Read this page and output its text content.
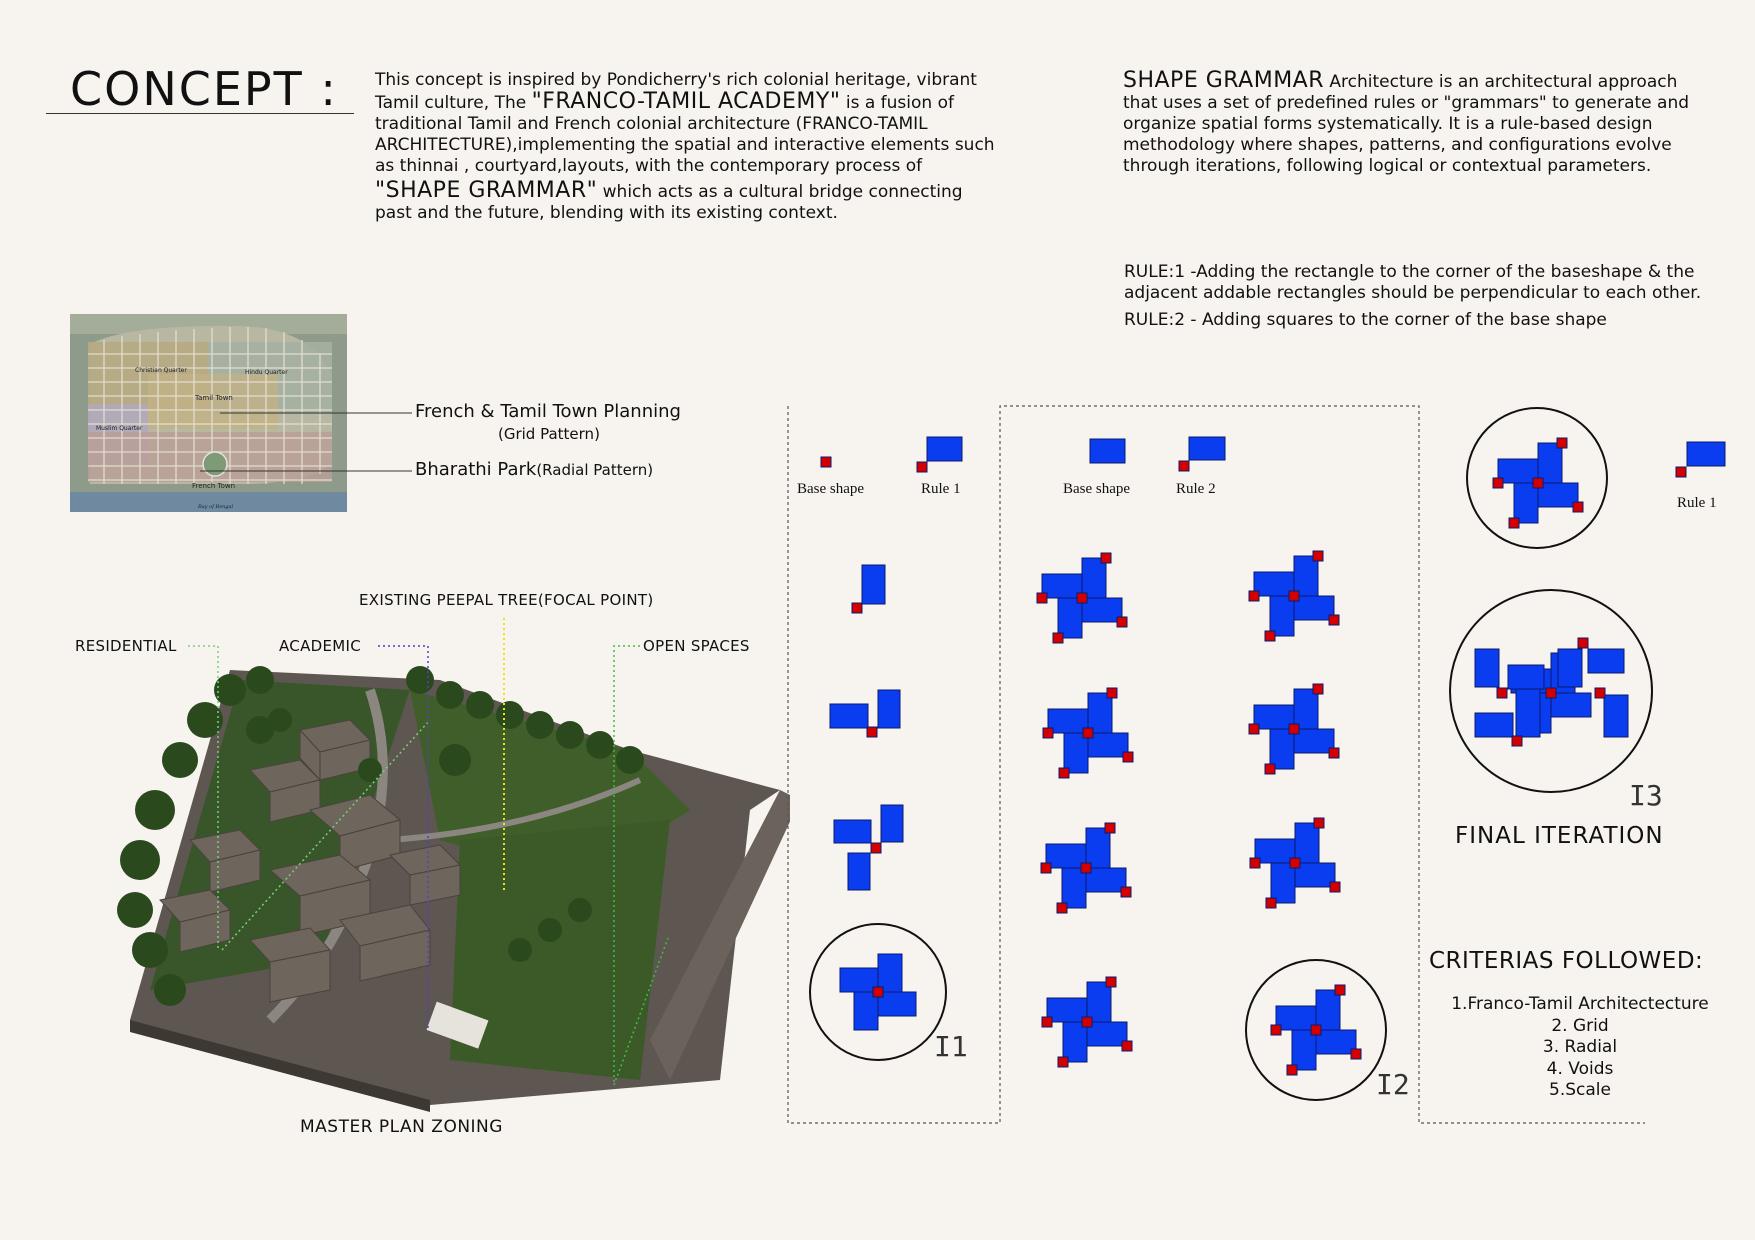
CONCEPT : This concept is inspired by Pondicherry's rich colonial heritage, vibrant
Tamil culture, The "FRANCO-TAMIL ACADEMY" is a fusion of
traditional Tamil and French colonial architecture (FRANCO-TAMIL
ARCHITECTURE),implementing the spatial and interactive elements such
as thinnai , courtyard,layouts, with the contemporary process of
"SHAPE GRAMMAR" which acts as a cultural bridge connecting
past and the future, blending with its existing context.
SHAPE GRAMMAR Architecture is an architectural approach
that uses a set of predefined rules or "grammars" to generate and
organize spatial forms systematically. It is a rule-based design
methodology where shapes, patterns, and configurations evolve
through iterations, following logical or contextual parameters.
RULE:1 -Adding the rectangle to the corner of the baseshape & the
adjacent addable rectangles should be perpendicular to each other.
RULE:2 - Adding squares to the corner of the base shape
Christian Quarter	Hindu Quarter
Tamil Town
Muslim Quarter
French Town
Bay of Bengal
French & Tamil Town Planning
(Grid Pattern)
Bharathi Park(Radial Pattern)
RESIDENTIAL	ACADEMIC
EXISTING PEEPAL TREE(FOCAL POINT)
OPEN SPACES
MASTER PLAN ZONING
Base shape	Rule 1
I1
Base shape	Rule 2
I2
Rule 1
I3
FINAL ITERATION
CRITERIAS FOLLOWED:
1.Franco-Tamil Architectecture
2. Grid
3. Radial
4. Voids
5.Scale
